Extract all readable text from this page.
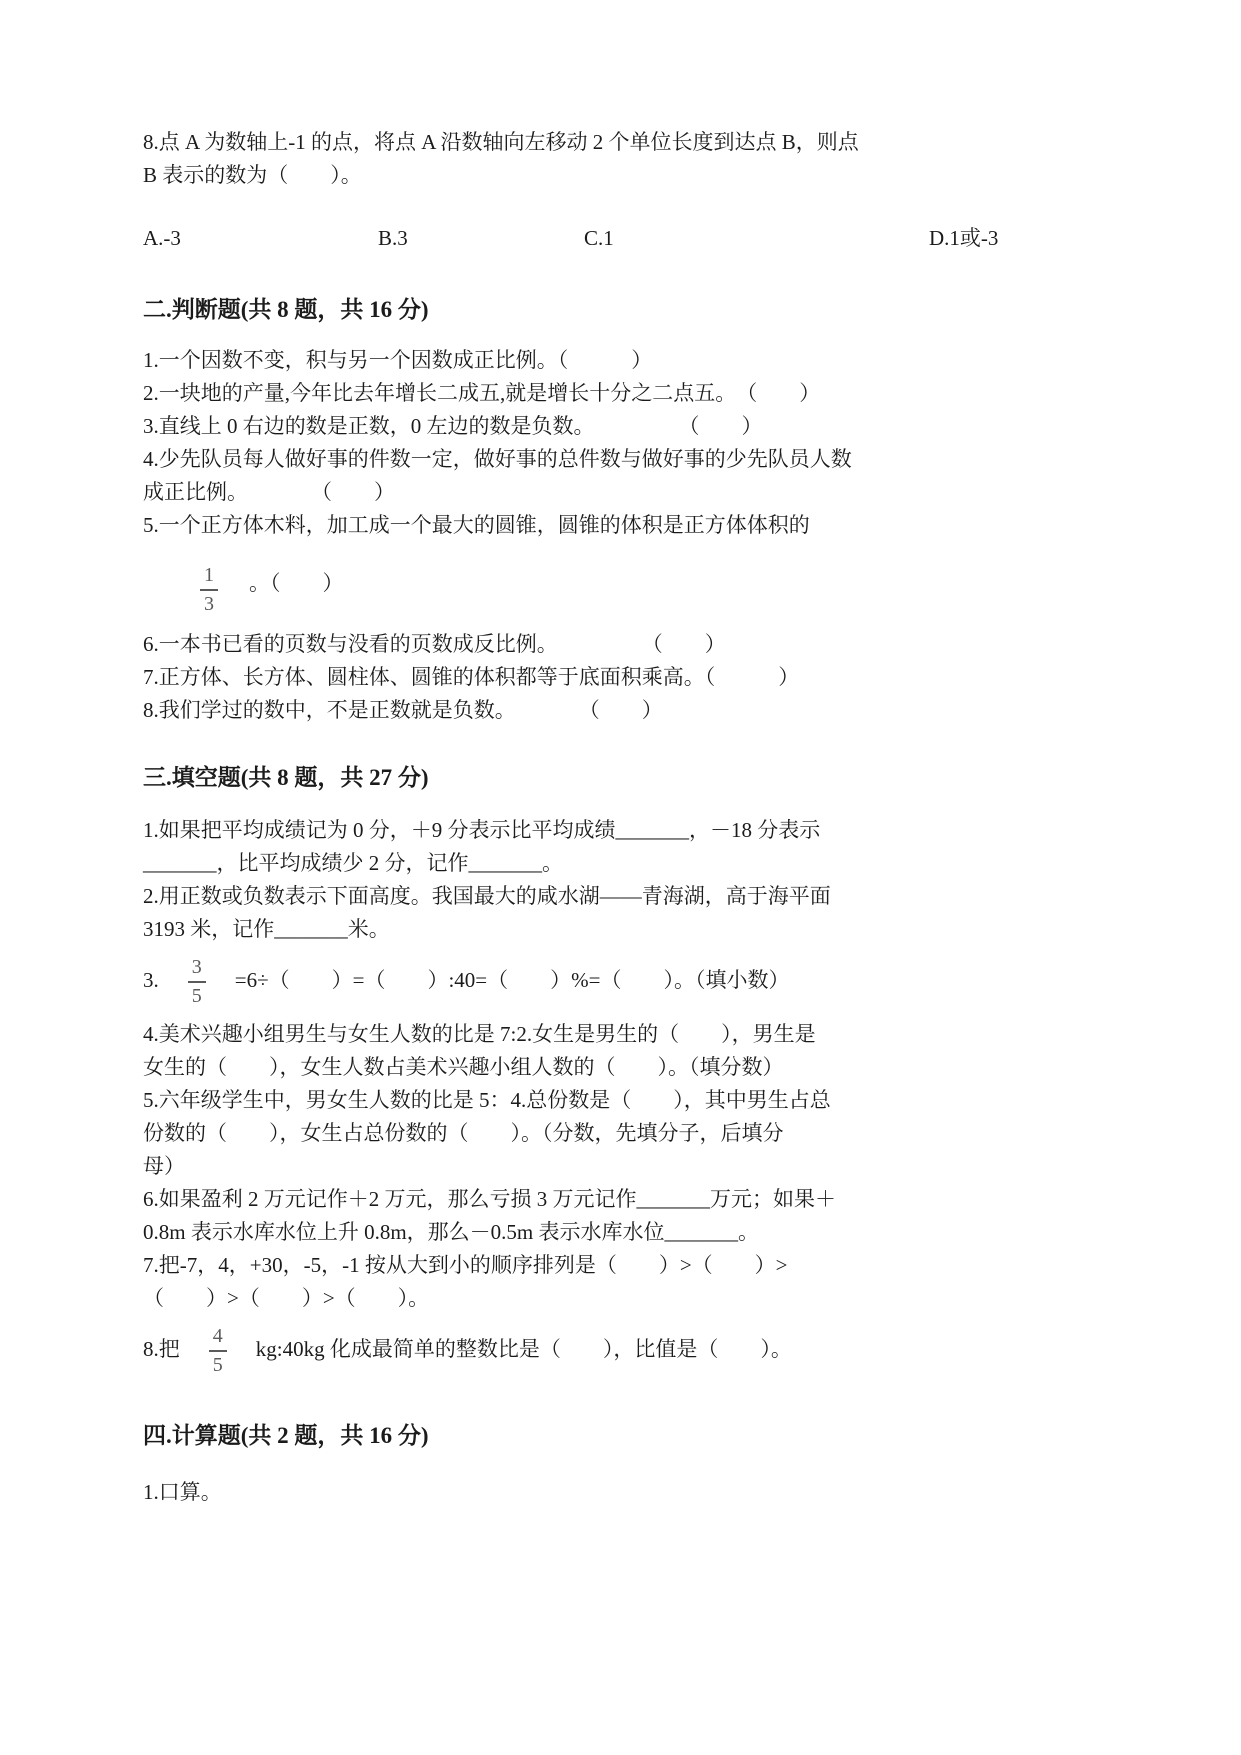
8.点 A 为数轴上-1 的点，将点 A 沿数轴向左移动 2 个单位长度到达点 B，则点
B 表示的数为（　　）。

A.-3	B.3	C.1	D.1或-3
二.判断题(共 8 题，共 16 分)

1.一个因数不变，积与另一个因数成正比例。（　　　）

2.一块地的产量,今年比去年增长二成五,就是增长十分之二点五。　（　　）

3.直线上 0 右边的数是正数，0 左边的数是负数。　　　　　（　　）

4.少先队员每人做好事的件数一定，做好事的总件数与做好事的少先队员人数
成正比例。　　　　（　　）

5.一个正方体木料，加工成一个最大的圆锥，圆锥的体积是正方体体积的

$\frac{1}{3}$ 　。（　　）

6.一本书已看的页数与没看的页数成反比例。　　　　　（　　）

7.正方体、长方体、圆柱体、圆锥的体积都等于底面积乘高。（　　　）

8.我们学过的数中，不是正数就是负数。　　　　（　　）

三.填空题(共 8 题，共 27 分)

1.如果把平均成绩记为 0 分，＋9 分表示比平均成绩_______，－18 分表示
_______，比平均成绩少 2 分，记作_______。

2.用正数或负数表示下面高度。我国最大的咸水湖——青海湖，高于海平面
3193 米，记作_______米。

3.　 $\frac{3}{5}$ 　=6÷（　　）=（　　）:40=（　　）%=（　　）。（填小数）

4.美术兴趣小组男生与女生人数的比是 7:2.女生是男生的（　　），男生是
女生的（　　），女生人数占美术兴趣小组人数的（　　）。（填分数）

5.六年级学生中，男女生人数的比是 5：4.总份数是（　　），其中男生占总
份数的（　　），女生占总份数的（　　）。（分数，先填分子，后填分
母）

6.如果盈利 2 万元记作＋2 万元，那么亏损 3 万元记作_______万元；如果＋
0.8m 表示水库水位上升 0.8m，那么－0.5m 表示水库水位_______。

7.把-7，4，+30，-5，-1 按从大到小的顺序排列是（　　）>（　　）>
（　　）>（　　）>（　　）。

8.把　 $\frac{4}{5}$ 　kg:40kg 化成最简单的整数比是（　　），比值是（　　）。

四.计算题(共 2 题，共 16 分)

1.口算。
